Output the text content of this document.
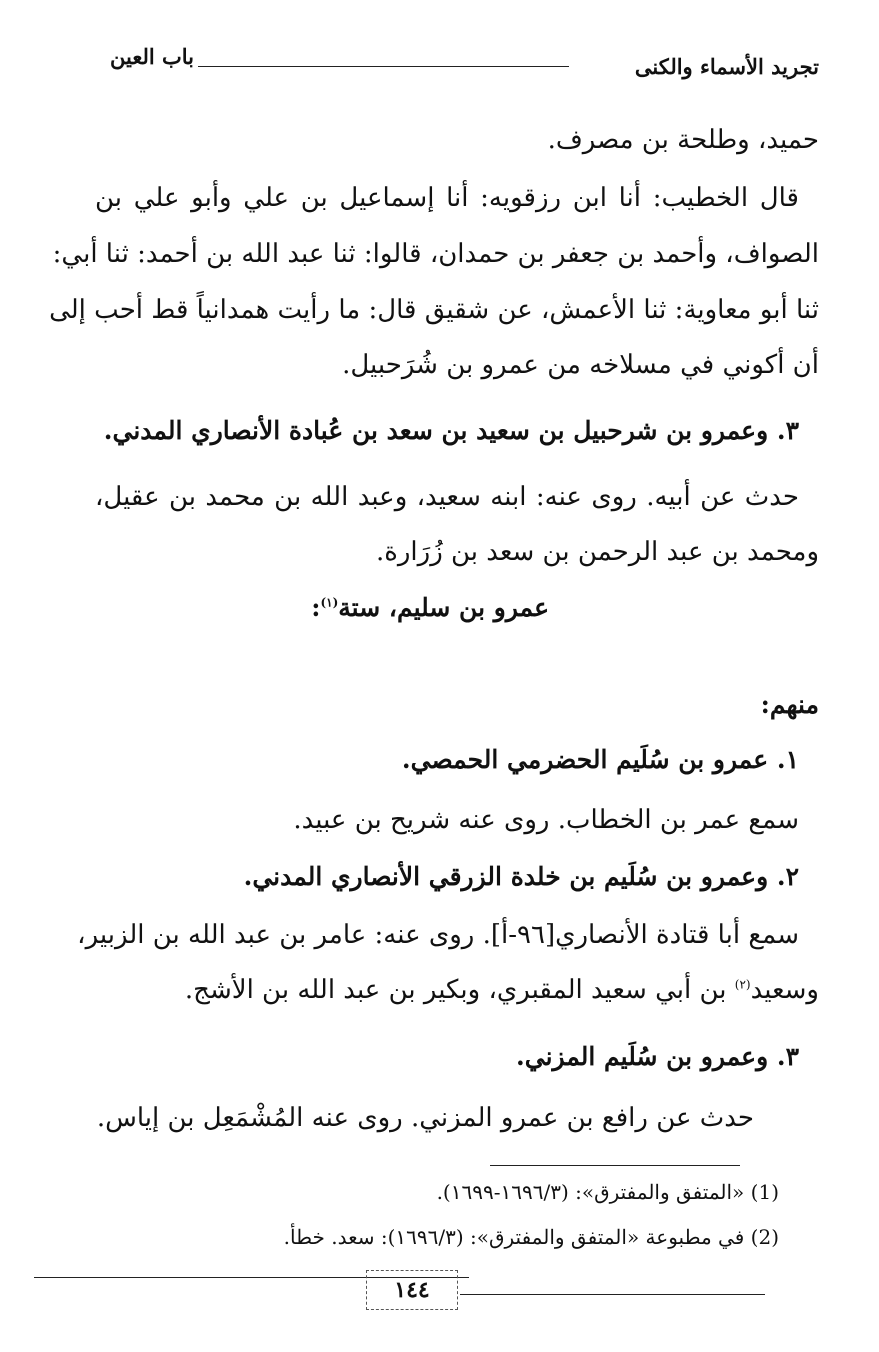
تجريد الأسماء والكنى
باب العين
حميد، وطلحة بن مصرف.
قال الخطيب: أنا ابن رزقويه: أنا إسماعيل بن علي وأبو علي بن
الصواف، وأحمد بن جعفر بن حمدان، قالوا: ثنا عبد الله بن أحمد: ثنا أبي:
ثنا أبو معاوية: ثنا الأعمش، عن شقيق قال: ما رأيت همدانياً قط أحب إلى
أن أكوني في مسلاخه من عمرو بن شُرَحبيل.
٣. وعمرو بن شرحبيل بن سعيد بن سعد بن عُبادة الأنصاري المدني.
حدث عن أبيه. روى عنه: ابنه سعيد، وعبد الله بن محمد بن عقيل،
ومحمد بن عبد الرحمن بن سعد بن زُرَارة.
عمرو بن سليم، ستة$^{(١)}$:
منهم:
١. عمرو بن سُلَيم الحضرمي الحمصي.
سمع عمر بن الخطاب. روى عنه شريح بن عبيد.
٢. وعمرو بن سُلَيم بن خلدة الزرقي الأنصاري المدني.
سمع أبا قتادة الأنصاري[٩٦-أ]. روى عنه: عامر بن عبد الله بن الزبير،
وسعيد$^{(٢)}$ بن أبي سعيد المقبري، وبكير بن عبد الله بن الأشج.
٣. وعمرو بن سُلَيم المزني.
حدث عن رافع بن عمرو المزني. روى عنه المُشْمَعِل بن إياس.
(1) «المتفق والمفترق»: (١٦٩٦/٣-١٦٩٩).
(2) في مطبوعة «المتفق والمفترق»: (١٦٩٦/٣): سعد. خطأ.
١٤٤
